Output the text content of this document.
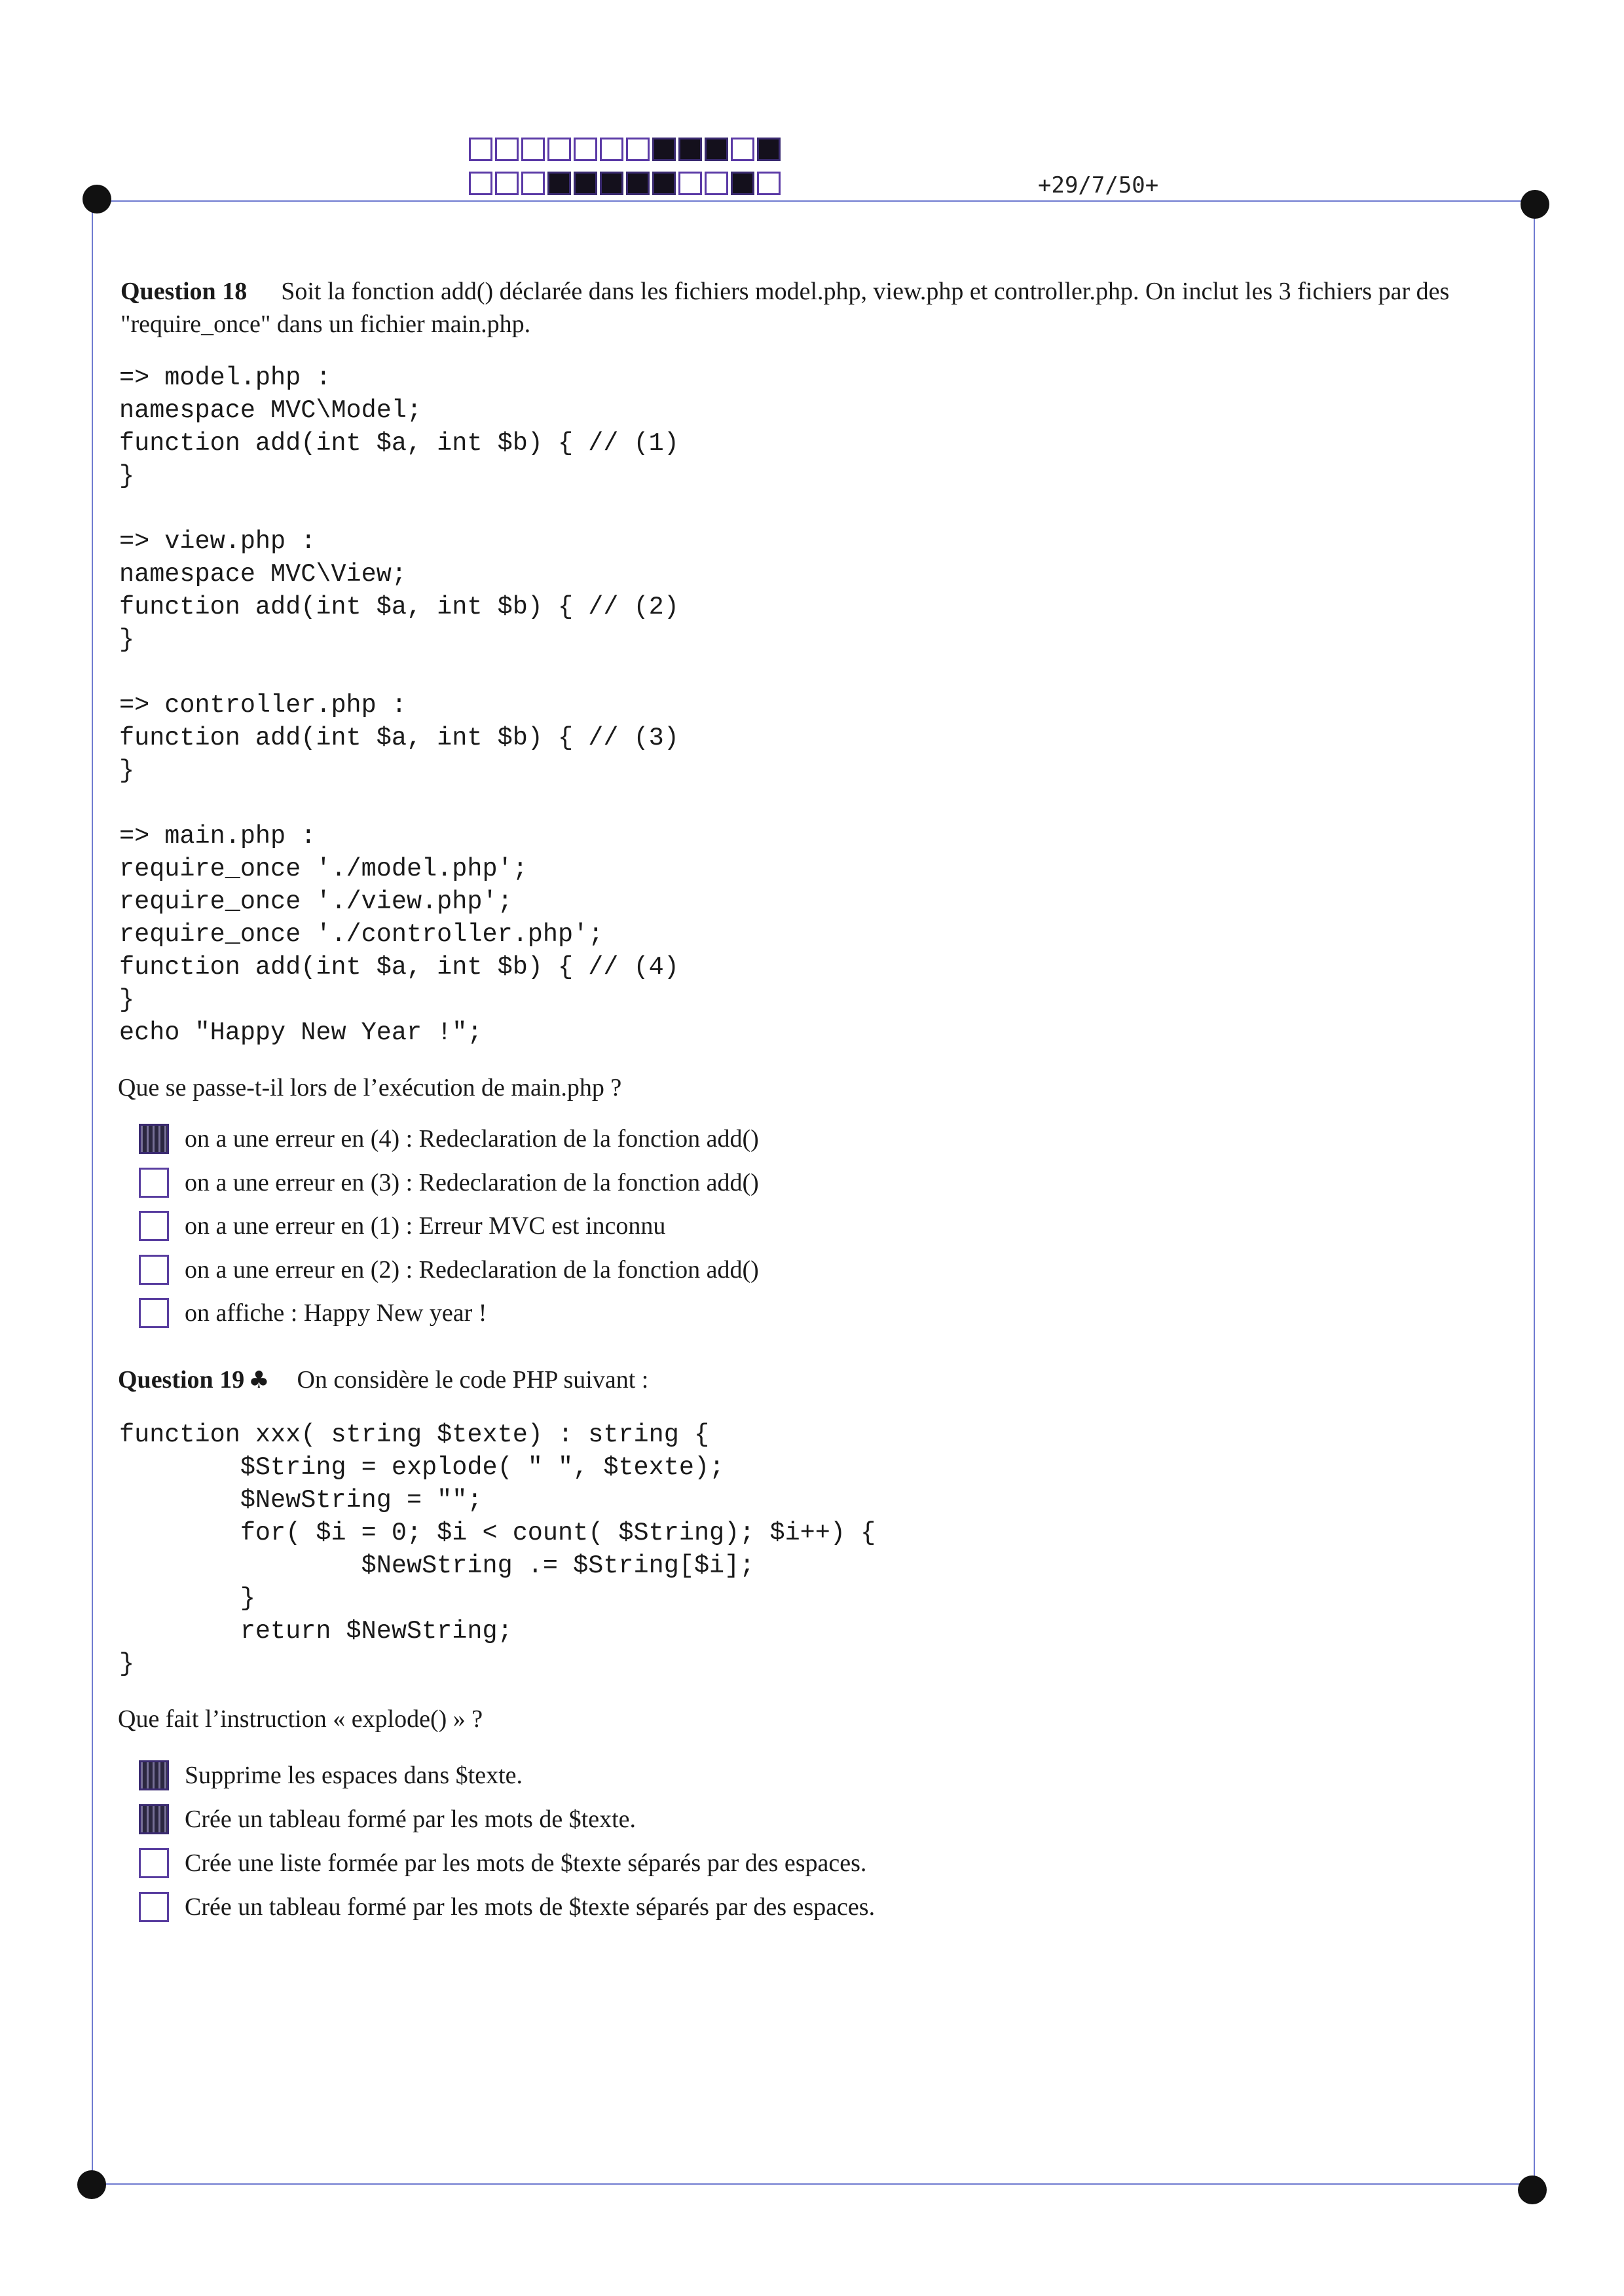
+29/7/50+
Question 18 Soit la fonction add() déclarée dans les fichiers model.php, view.php et controller.php. On inclut les 3 fichiers par des "require_once" dans un fichier main.php.
=> model.php :
namespace MVC\Model;
function add(int $a, int $b) { // (1)
}

=> view.php :
namespace MVC\View;
function add(int $a, int $b) { // (2)
}

=> controller.php :
function add(int $a, int $b) { // (3)
}

=> main.php :
require_once './model.php';
require_once './view.php';
require_once './controller.php';
function add(int $a, int $b) { // (4)
}
echo "Happy New Year !";
Que se passe-t-il lors de l’exécution de main.php ?
on a une erreur en (4) : Redeclaration de la fonction add()
on a une erreur en (3) : Redeclaration de la fonction add()
on a une erreur en (1) : Erreur MVC est inconnu
on a une erreur en (2) : Redeclaration de la fonction add()
on affiche : Happy New year !
Question 19 ♣ On considère le code PHP suivant :
function xxx( string $texte) : string {
$String = explode( " ", $texte);
$NewString = "";
for( $i = 0; $i < count( $String); $i++) {
$NewString .= $String[$i];
}
return $NewString;
}
Que fait l’instruction « explode() » ?
Supprime les espaces dans $texte.
Crée un tableau formé par les mots de $texte.
Crée une liste formée par les mots de $texte séparés par des espaces.
Crée un tableau formé par les mots de $texte séparés par des espaces.
